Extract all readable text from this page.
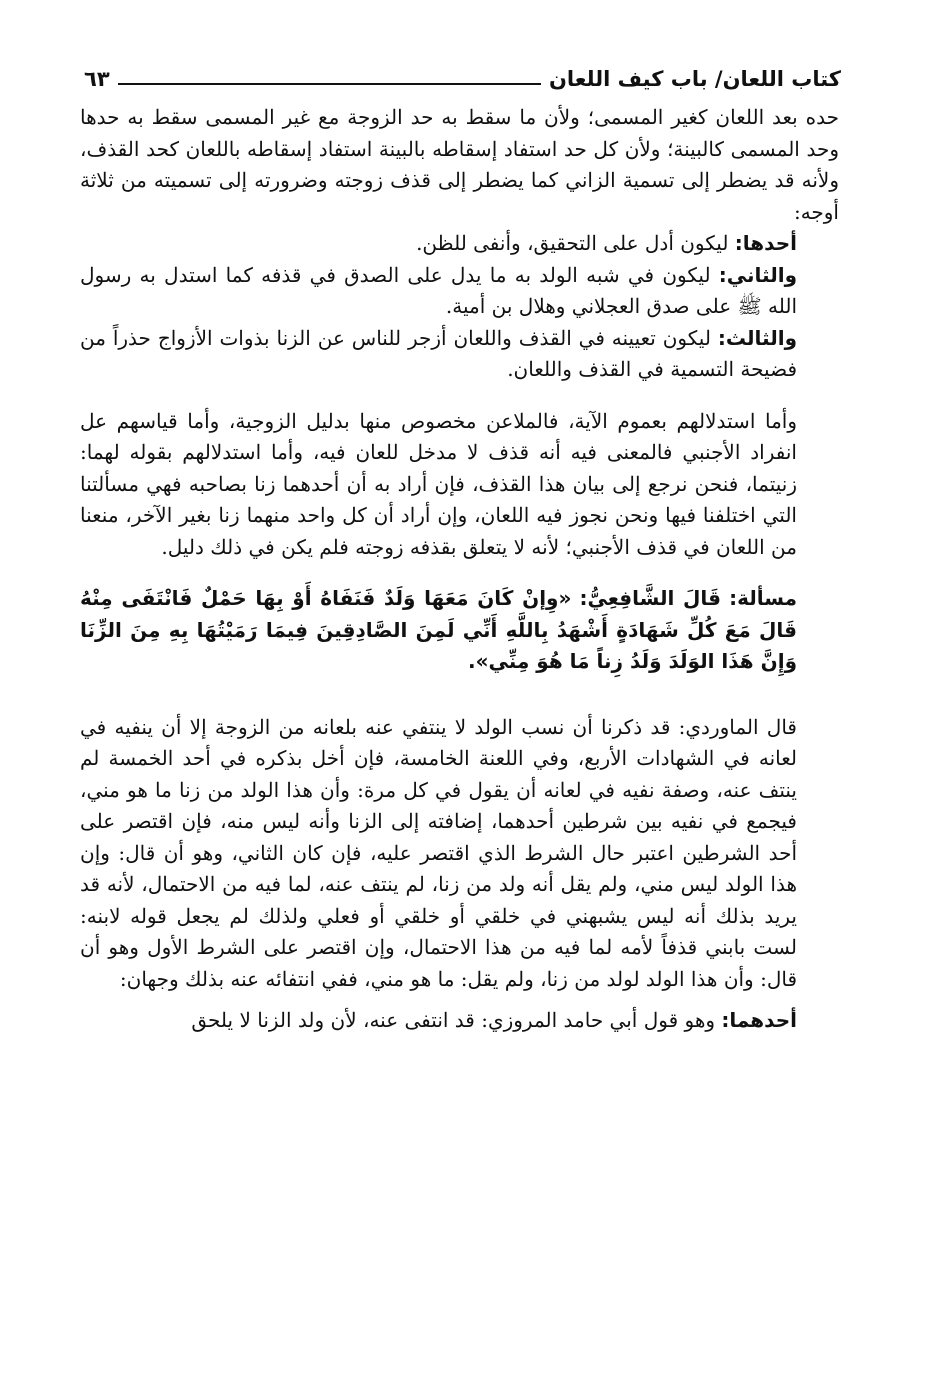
كتاب اللعان/ باب كيف اللعان
٦٣

حده بعد اللعان كغير المسمى؛ ولأن ما سقط به حد الزوجة مع غير المسمى سقط به حدها وحد المسمى كالبينة؛ ولأن كل حد استفاد إسقاطه بالبينة استفاد إسقاطه باللعان كحد القذف، ولأنه قد يضطر إلى تسمية الزاني كما يضطر إلى قذف زوجته وضرورته إلى تسميته من ثلاثة أوجه:

أحدها: ليكون أدل على التحقيق، وأنفى للظن.

والثاني: ليكون في شبه الولد به ما يدل على الصدق في قذفه كما استدل به رسول الله ﷺ على صدق العجلاني وهلال بن أمية.

والثالث: ليكون تعيينه في القذف واللعان أزجر للناس عن الزنا بذوات الأزواج حذراً من فضيحة التسمية في القذف واللعان.

وأما استدلالهم بعموم الآية، فالملاعن مخصوص منها بدليل الزوجية، وأما قياسهم عل انفراد الأجنبي فالمعنى فيه أنه قذف لا مدخل للعان فيه، وأما استدلالهم بقوله لهما: زنيتما، فنحن نرجع إلى بيان هذا القذف، فإن أراد به أن أحدهما زنا بصاحبه فهي مسألتنا التي اختلفنا فيها ونحن نجوز فيه اللعان، وإن أراد أن كل واحد منهما زنا بغير الآخر، منعنا من اللعان في قذف الأجنبي؛ لأنه لا يتعلق بقذفه زوجته فلم يكن في ذلك دليل.

مسألة: قَالَ الشَّافِعِيُّ: «وِإنْ كَانَ مَعَهَا وَلَدٌ فَنَفَاهُ أَوْ بِهَا حَمْلٌ فَانْتَفَى مِنْهُ قَالَ مَعَ كُلِّ شَهَادَةٍ أَشْهَدُ بِاللَّهِ أَنِّي لَمِنَ الصَّادِقِينَ فِيمَا رَمَيْتُهَا بِهِ مِنَ الزِّنَا وَإِنَّ هَذَا الوَلَدَ وَلَدُ زِناً مَا هُوَ مِنِّي».

قال الماوردي: قد ذكرنا أن نسب الولد لا ينتفي عنه بلعانه من الزوجة إلا أن ينفيه في لعانه في الشهادات الأربع، وفي اللعنة الخامسة، فإن أخل بذكره في أحد الخمسة لم ينتف عنه، وصفة نفيه في لعانه أن يقول في كل مرة: وأن هذا الولد من زنا ما هو مني، فيجمع في نفيه بين شرطين أحدهما، إضافته إلى الزنا وأنه ليس منه، فإن اقتصر على أحد الشرطين اعتبر حال الشرط الذي اقتصر عليه، فإن كان الثاني، وهو أن قال: وإن هذا الولد ليس مني، ولم يقل أنه ولد من زنا، لم ينتف عنه، لما فيه من الاحتمال، لأنه قد يريد بذلك أنه ليس يشبهني في خلقي أو خلقي أو فعلي ولذلك لم يجعل قوله لابنه: لست بابني قذفاً لأمه لما فيه من هذا الاحتمال، وإن اقتصر على الشرط الأول وهو أن قال: وأن هذا الولد لولد من زنا، ولم يقل: ما هو مني، ففي انتفائه عنه بذلك وجهان:

أحدهما: وهو قول أبي حامد المروزي: قد انتفى عنه، لأن ولد الزنا لا يلحق
